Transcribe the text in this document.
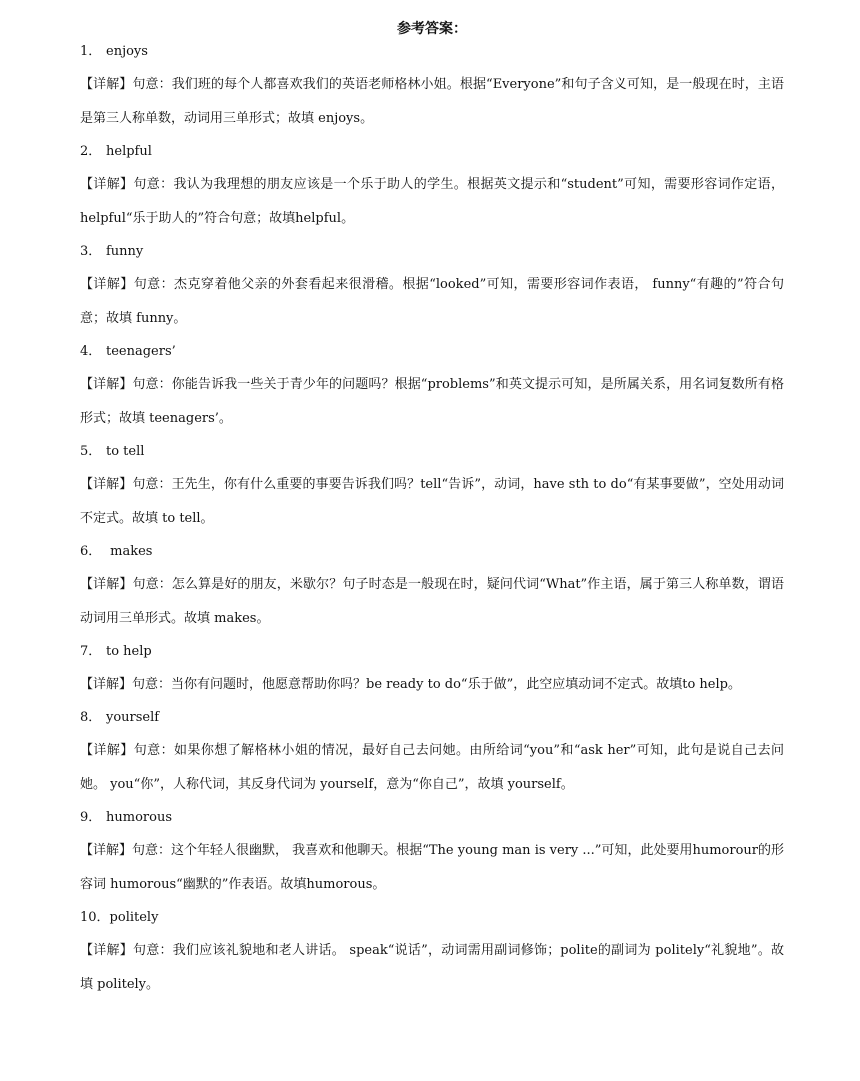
参考答案：
1． enjoys
【详解】句意：我们班的每个人都喜欢我们的英语老师格林小姐。根据“Everyone”和句子含义可知，是一般现在时，主语是第三人称单数，动词用三单形式；故填 enjoys。
2． helpful
【详解】句意：我认为我理想的朋友应该是一个乐于助人的学生。根据英文提示和“student”可知，需要形容词作定语， helpful“乐于助人的”符合句意；故填helpful。
3． funny
【详解】句意：杰克穿着他父亲的外套看起来很滑稽。根据“looked”可知，需要形容词作表语， funny“有趣的”符合句意；故填 funny。
4． teenagers’
【详解】句意：你能告诉我一些关于青少年的问题吗？根据“problems”和英文提示可知，是所属关系，用名词复数所有格形式；故填 teenagers’。
5． to tell
【详解】句意：王先生，你有什么重要的事要告诉我们吗？tell“告诉”，动词，have sth to do“有某事要做”，空处用动词不定式。故填 to tell。
6． makes
【详解】句意：怎么算是好的朋友，米歇尔？句子时态是一般现在时，疑问代词“What”作主语，属于第三人称单数，谓语动词用三单形式。故填 makes。
7． to help
【详解】句意：当你有问题时，他愿意帮助你吗？be ready to do“乐于做”，此空应填动词不定式。故填to help。
8． yourself
【详解】句意：如果你想了解格林小姐的情况，最好自己去问她。由所给词“you”和“ask her”可知，此句是说自己去问她。 you“你”，人称代词，其反身代词为 yourself，意为“你自己”，故填 yourself。
9． humorous
【详解】句意：这个年轻人很幽默， 我喜欢和他聊天。根据“The young man is very ...”可知，此处要用humorour的形容词 humorous“幽默的”作表语。故填humorous。
10．politely
【详解】句意：我们应该礼貌地和老人讲话。 speak“说话”，动词需用副词修饰；polite的副词为 politely“礼貌地”。故填 politely。
